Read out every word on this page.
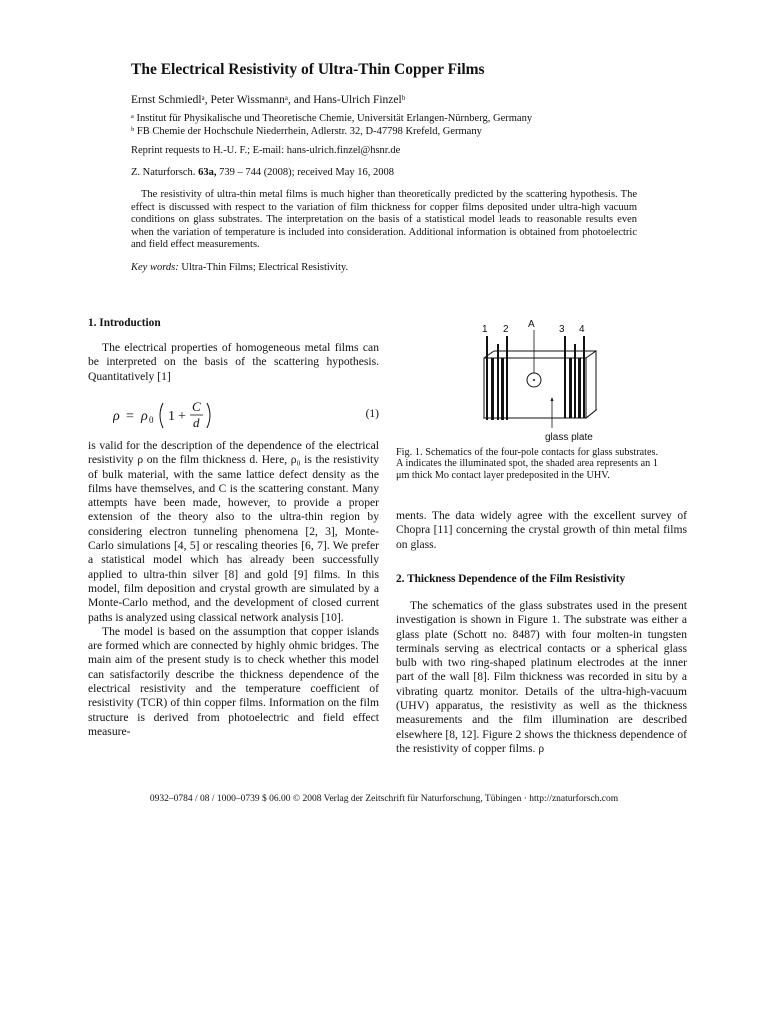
The Electrical Resistivity of Ultra-Thin Copper Films
Ernst Schmiedlᵃ, Peter Wissmannᵃ, and Hans-Ulrich Finzelᵇ
ᵃ Institut für Physikalische und Theoretische Chemie, Universität Erlangen-Nürnberg, Germany
ᵇ FB Chemie der Hochschule Niederrhein, Adlerstr. 32, D-47798 Krefeld, Germany
Reprint requests to H.-U. F.; E-mail: hans-ulrich.finzel@hsnr.de
Z. Naturforsch. 63a, 739 – 744 (2008); received May 16, 2008
The resistivity of ultra-thin metal films is much higher than theoretically predicted by the scattering hypothesis. The effect is discussed with respect to the variation of film thickness for copper films deposited under ultra-high vacuum conditions on glass substrates. The interpretation on the basis of a statistical model leads to reasonable results even when the variation of temperature is included into consideration. Additional information is obtained from photoelectric and field effect measurements.
Key words: Ultra-Thin Films; Electrical Resistivity.
1. Introduction

The electrical properties of homogeneous metal films can be interpreted on the basis of the scattering hypothesis. Quantitatively [1]

ρ = ρ 0 1 +
C
d
(1)

is valid for the description of the dependence of the electrical resistivity ρ on the film thickness d. Here, ρ₀ is the resistivity of bulk material, with the same lattice defect density as the films have themselves, and C is the scattering constant. Many attempts have been made, however, to provide a proper extension of the theory also to the ultra-thin region by considering electron tunneling phenomena [2, 3], Monte-Carlo simulations [4, 5] or rescaling theories [6, 7]. We prefer a statistical model which has already been successfully applied to ultra-thin silver [8] and gold [9] films. In this model, film deposition and crystal growth are simulated by a Monte-Carlo method, and the development of closed current paths is analyzed using classical network analysis [10].

The model is based on the assumption that copper islands are formed which are connected by highly ohmic bridges. The main aim of the present study is to check whether this model can satisfactorily describe the thickness dependence of the electrical resistivity and the temperature coefficient of resistivity (TCR) of thin copper films. Information on the film structure is derived from photoelectric and field effect measure-

1 2 A 3 4
glass plate
Fig. 1. Schematics of the four-pole contacts for glass substrates. A indicates the illuminated spot, the shaded area represents an 1 μm thick Mo contact layer predeposited in the UHV.

ments. The data widely agree with the excellent survey of Chopra [11] concerning the crystal growth of thin metal films on glass.

2. Thickness Dependence of the Film Resistivity

The schematics of the glass substrates used in the present investigation is shown in Figure 1. The substrate was either a glass plate (Schott no. 8487) with four molten-in tungsten terminals serving as electrical contacts or a spherical glass bulb with two ring-shaped platinum electrodes at the inner part of the wall [8]. Film thickness was recorded in situ by a vibrating quartz monitor. Details of the ultra-high-vacuum (UHV) apparatus, the resistivity as well as the thickness measurements and the film illumination are described elsewhere [8, 12]. Figure 2 shows the thickness dependence of the resistivity of copper films. ρ

0932–0784 / 08 / 1000–0739 $ 06.00 © 2008 Verlag der Zeitschrift für Naturforschung, Tübingen · http://znaturforsch.com
